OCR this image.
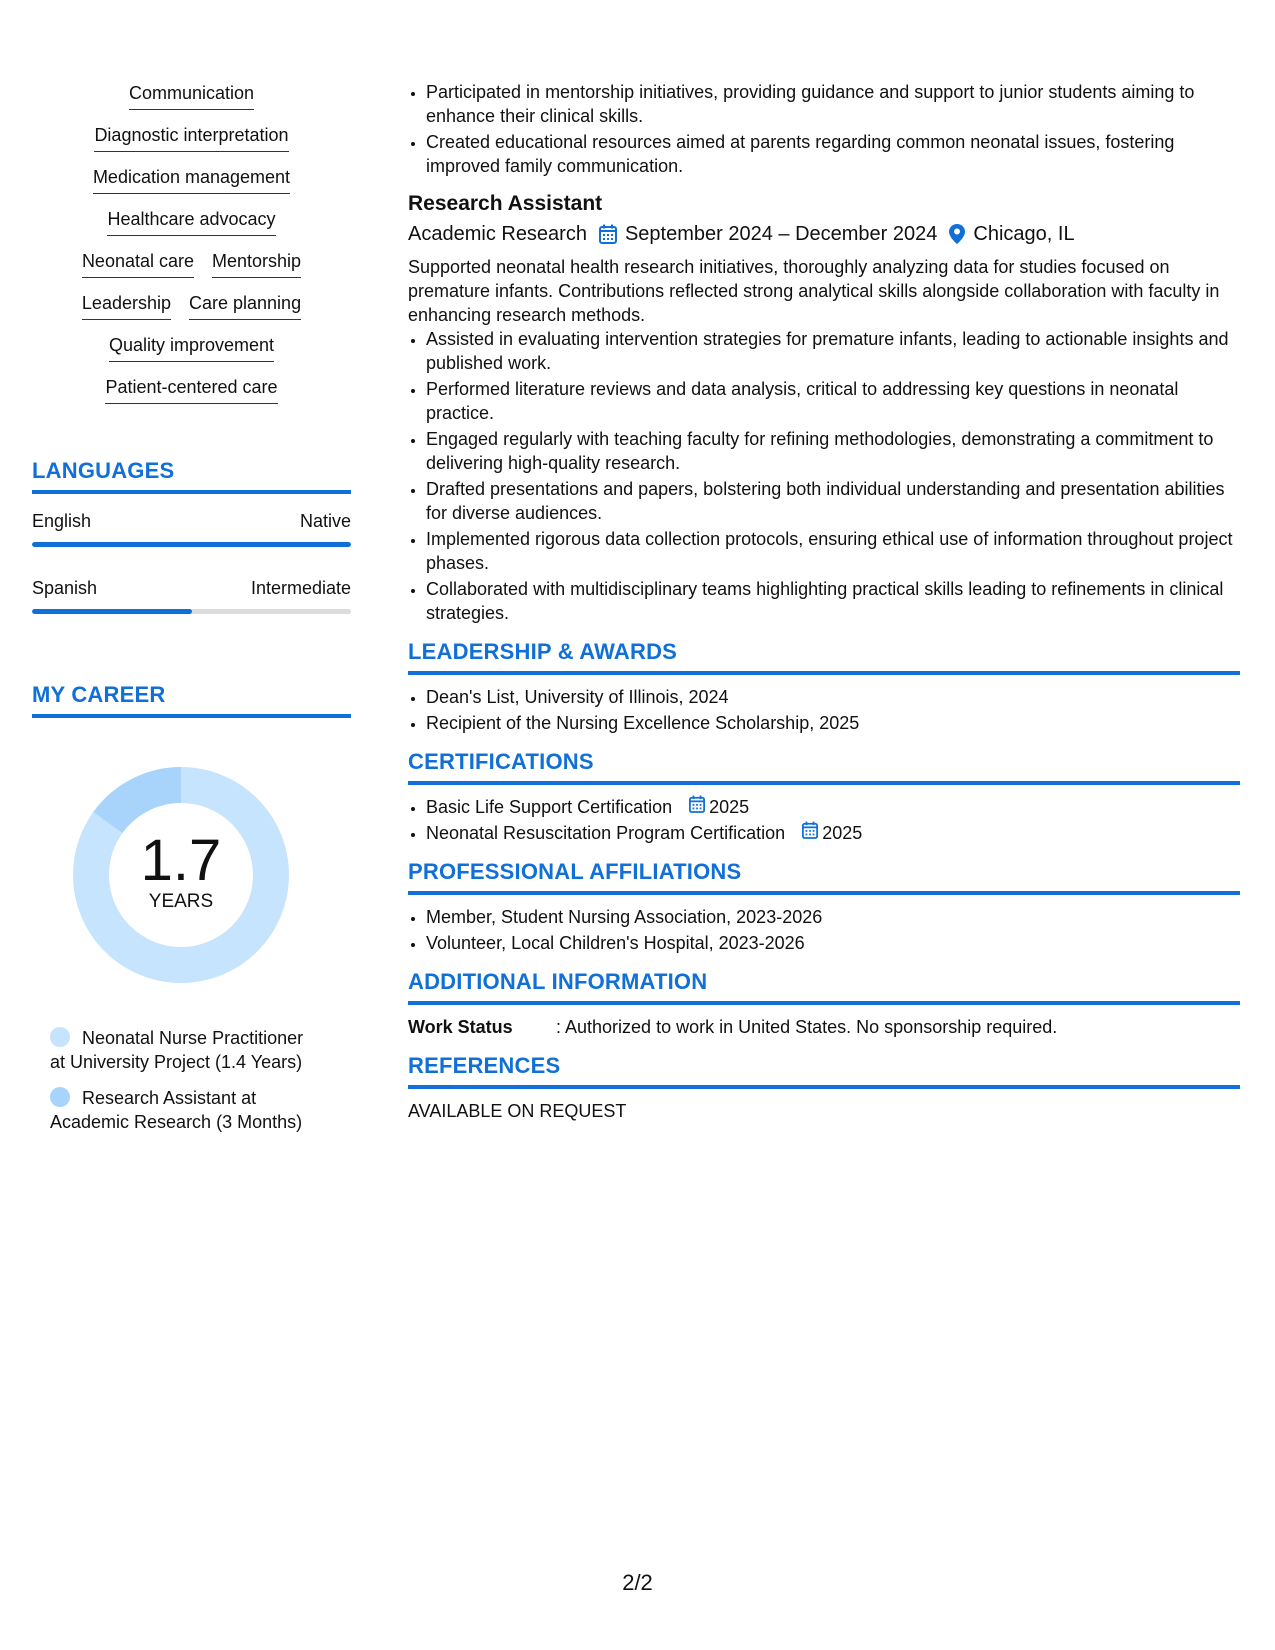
Communication
Diagnostic interpretation
Medication management
Healthcare advocacy
Neonatal care Mentorship
Leadership Care planning
Quality improvement
Patient-centered care
LANGUAGES
English	Native
Spanish	Intermediate
MY CAREER
1.7
YEARS
Neonatal Nurse Practitioner at University Project (1.4 Years)
Research Assistant at Academic Research (3 Months)
• Participated in mentorship initiatives, providing guidance and support to junior students aiming to enhance their clinical skills.
• Created educational resources aimed at parents regarding common neonatal issues, fostering improved family communication.
Research Assistant
Academic Research September 2024 – December 2024 Chicago, IL
Supported neonatal health research initiatives, thoroughly analyzing data for studies focused on premature infants. Contributions reflected strong analytical skills alongside collaboration with faculty in enhancing research methods.
• Assisted in evaluating intervention strategies for premature infants, leading to actionable insights and published work.
• Performed literature reviews and data analysis, critical to addressing key questions in neonatal practice.
• Engaged regularly with teaching faculty for refining methodologies, demonstrating a commitment to delivering high-quality research.
• Drafted presentations and papers, bolstering both individual understanding and presentation abilities for diverse audiences.
• Implemented rigorous data collection protocols, ensuring ethical use of information throughout project phases.
• Collaborated with multidisciplinary teams highlighting practical skills leading to refinements in clinical strategies.
LEADERSHIP & AWARDS
• Dean's List, University of Illinois, 2024
• Recipient of the Nursing Excellence Scholarship, 2025
CERTIFICATIONS
• Basic Life Support Certification 2025
• Neonatal Resuscitation Program Certification 2025
PROFESSIONAL AFFILIATIONS
• Member, Student Nursing Association, 2023-2026
• Volunteer, Local Children's Hospital, 2023-2026
ADDITIONAL INFORMATION
Work Status	: Authorized to work in United States. No sponsorship required.
REFERENCES
AVAILABLE ON REQUEST
2/2
